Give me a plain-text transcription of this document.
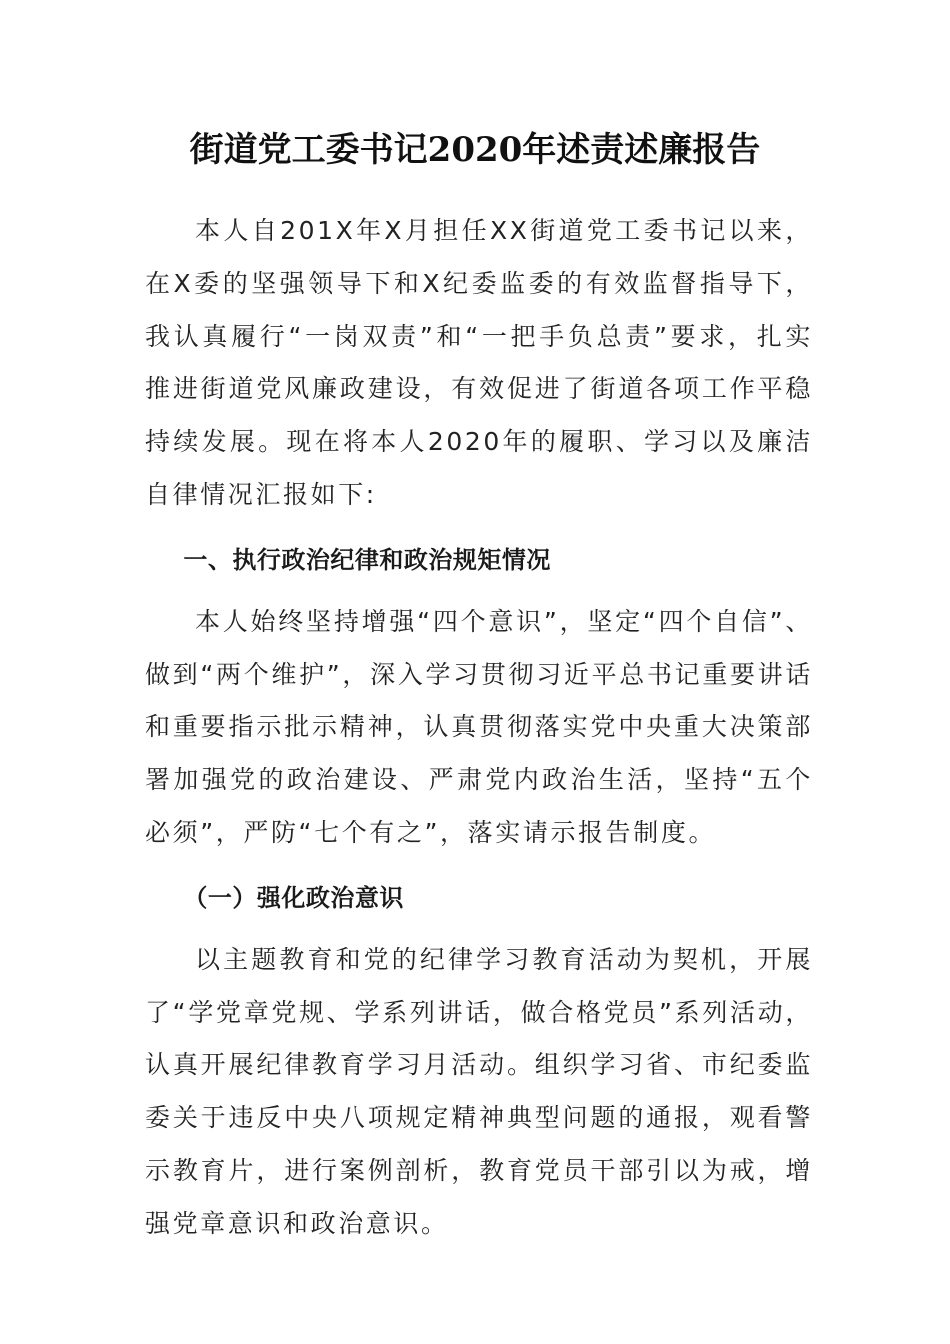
街道党工委书记2020年述责述廉报告

本人自201X年X月担任XX街道党工委书记以来，在X委的坚强领导下和X纪委监委的有效监督指导下，我认真履行“一岗双责”和“一把手负总责”要求，扎实推进街道党风廉政建设，有效促进了街道各项工作平稳持续发展。现在将本人2020年的履职、学习以及廉洁自律情况汇报如下:

一、执行政治纪律和政治规矩情况

本人始终坚持增强“四个意识”，坚定“四个自信”、做到“两个维护”，深入学习贯彻习近平总书记重要讲话和重要指示批示精神，认真贯彻落实党中央重大决策部署加强党的政治建设、严肃党内政治生活，坚持“五个必须”，严防“七个有之”，落实请示报告制度。

（一）强化政治意识

以主题教育和党的纪律学习教育活动为契机，开展了“学党章党规、学系列讲话，做合格党员”系列活动，认真开展纪律教育学习月活动。组织学习省、市纪委监委关于违反中央八项规定精神典型问题的通报，观看警示教育片，进行案例剖析，教育党员干部引以为戒，增强党章意识和政治意识。
